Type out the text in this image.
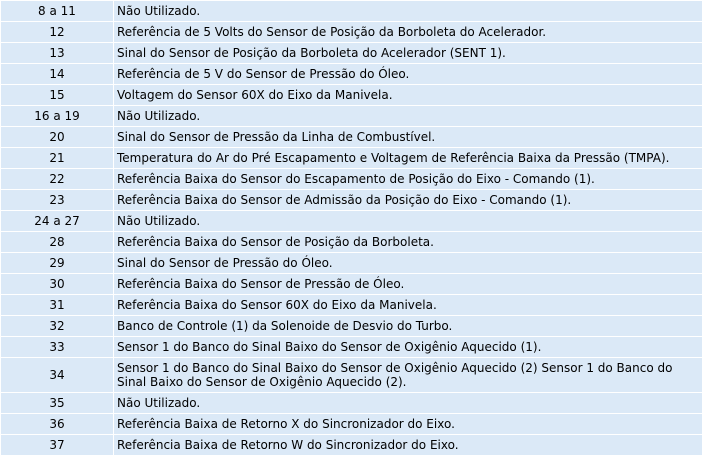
8 a 11	Não Utilizado.
12	Referência de 5 Volts do Sensor de Posição da Borboleta do Acelerador.
13	Sinal do Sensor de Posição da Borboleta do Acelerador (SENT 1).
14	Referência de 5 V do Sensor de Pressão do Óleo.
15	Voltagem do Sensor 60X do Eixo da Manivela.
16 a 19	Não Utilizado.
20	Sinal do Sensor de Pressão da Linha de Combustível.
21	Temperatura do Ar do Pré Escapamento e Voltagem de Referência Baixa da Pressão (TMPA).
22	Referência Baixa do Sensor do Escapamento de Posição do Eixo - Comando (1).
23	Referência Baixa do Sensor de Admissão da Posição do Eixo - Comando (1).
24 a 27	Não Utilizado.
28	Referência Baixa do Sensor de Posição da Borboleta.
29	Sinal do Sensor de Pressão do Óleo.
30	Referência Baixa do Sensor de Pressão de Óleo.
31	Referência Baixa do Sensor 60X do Eixo da Manivela.
32	Banco de Controle (1) da Solenoide de Desvio do Turbo.
33	Sensor 1 do Banco do Sinal Baixo do Sensor de Oxigênio Aquecido (1).
34	Sensor 1 do Banco do Sinal Baixo do Sensor de Oxigênio Aquecido (2) Sensor 1 do Banco do Sinal Baixo do Sensor de Oxigênio Aquecido (2).
35	Não Utilizado.
36	Referência Baixa de Retorno X do Sincronizador do Eixo.
37	Referência Baixa de Retorno W do Sincronizador do Eixo.
